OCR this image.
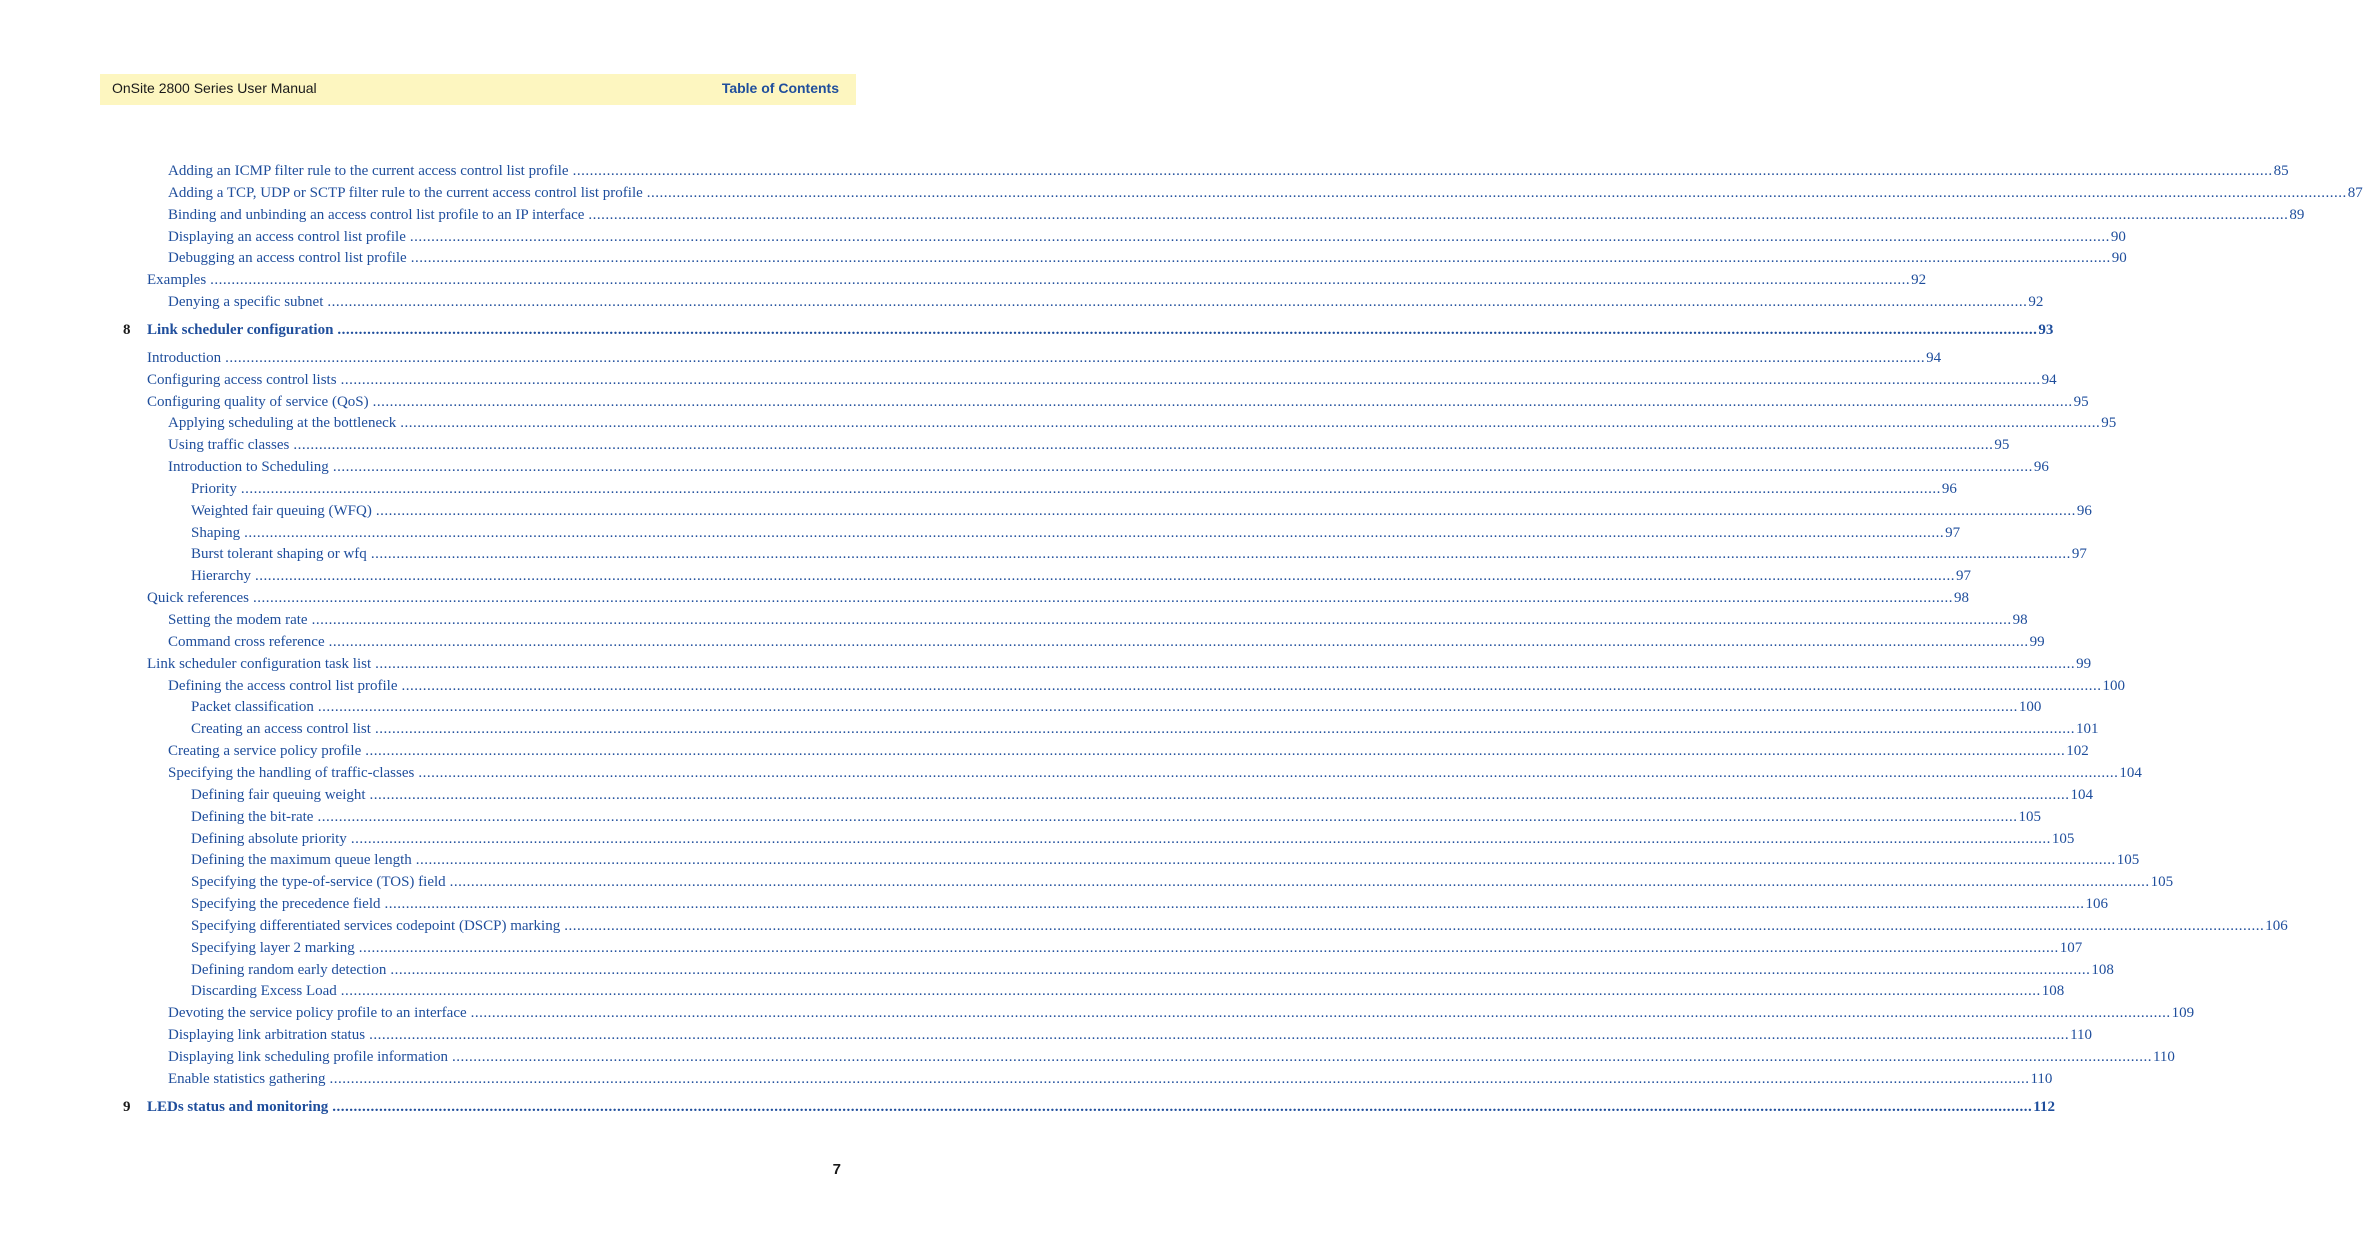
OnSite 2800 Series User Manual	Table of Contents
Adding an ICMP filter rule to the current access control list profile ................................................................................................................................................................................................................................................................................................................................................................................................................ 85
Adding a TCP, UDP or SCTP filter rule to the current access control list profile ................................................................................................................................................................................................................................................................................................................................................................................................................ 87
Binding and unbinding an access control list profile to an IP interface ................................................................................................................................................................................................................................................................................................................................................................................................................ 89
Displaying an access control list profile ................................................................................................................................................................................................................................................................................................................................................................................................................ 90
Debugging an access control list profile ................................................................................................................................................................................................................................................................................................................................................................................................................ 90
Examples ................................................................................................................................................................................................................................................................................................................................................................................................................ 92
Denying a specific subnet ................................................................................................................................................................................................................................................................................................................................................................................................................ 92
Link scheduler configuration ................................................................................................................................................................................................................................................................................................................................................................................................................ 93
8
Introduction ................................................................................................................................................................................................................................................................................................................................................................................................................ 94
Configuring access control lists ................................................................................................................................................................................................................................................................................................................................................................................................................ 94
Configuring quality of service (QoS) ................................................................................................................................................................................................................................................................................................................................................................................................................ 95
Applying scheduling at the bottleneck ................................................................................................................................................................................................................................................................................................................................................................................................................ 95
Using traffic classes ................................................................................................................................................................................................................................................................................................................................................................................................................ 95
Introduction to Scheduling ................................................................................................................................................................................................................................................................................................................................................................................................................ 96
Priority ................................................................................................................................................................................................................................................................................................................................................................................................................ 96
Weighted fair queuing (WFQ) ................................................................................................................................................................................................................................................................................................................................................................................................................ 96
Shaping ................................................................................................................................................................................................................................................................................................................................................................................................................ 97
Burst tolerant shaping or wfq ................................................................................................................................................................................................................................................................................................................................................................................................................ 97
Hierarchy ................................................................................................................................................................................................................................................................................................................................................................................................................ 97
Quick references ................................................................................................................................................................................................................................................................................................................................................................................................................ 98
Setting the modem rate ................................................................................................................................................................................................................................................................................................................................................................................................................ 98
Command cross reference ................................................................................................................................................................................................................................................................................................................................................................................................................ 99
Link scheduler configuration task list ................................................................................................................................................................................................................................................................................................................................................................................................................ 99
Defining the access control list profile ................................................................................................................................................................................................................................................................................................................................................................................................................ 100
Packet classification ................................................................................................................................................................................................................................................................................................................................................................................................................ 100
Creating an access control list ................................................................................................................................................................................................................................................................................................................................................................................................................ 101
Creating a service policy profile ................................................................................................................................................................................................................................................................................................................................................................................................................ 102
Specifying the handling of traffic-classes ................................................................................................................................................................................................................................................................................................................................................................................................................ 104
Defining fair queuing weight ................................................................................................................................................................................................................................................................................................................................................................................................................ 104
Defining the bit-rate ................................................................................................................................................................................................................................................................................................................................................................................................................ 105
Defining absolute priority ................................................................................................................................................................................................................................................................................................................................................................................................................ 105
Defining the maximum queue length ................................................................................................................................................................................................................................................................................................................................................................................................................ 105
Specifying the type-of-service (TOS) field ................................................................................................................................................................................................................................................................................................................................................................................................................ 105
Specifying the precedence field ................................................................................................................................................................................................................................................................................................................................................................................................................ 106
Specifying differentiated services codepoint (DSCP) marking ................................................................................................................................................................................................................................................................................................................................................................................................................ 106
Specifying layer 2 marking ................................................................................................................................................................................................................................................................................................................................................................................................................ 107
Defining random early detection ................................................................................................................................................................................................................................................................................................................................................................................................................ 108
Discarding Excess Load ................................................................................................................................................................................................................................................................................................................................................................................................................ 108
Devoting the service policy profile to an interface ................................................................................................................................................................................................................................................................................................................................................................................................................ 109
Displaying link arbitration status ................................................................................................................................................................................................................................................................................................................................................................................................................ 110
Displaying link scheduling profile information ................................................................................................................................................................................................................................................................................................................................................................................................................ 110
Enable statistics gathering ................................................................................................................................................................................................................................................................................................................................................................................................................ 110
LEDs status and monitoring ................................................................................................................................................................................................................................................................................................................................................................................................................ 112
9
7
